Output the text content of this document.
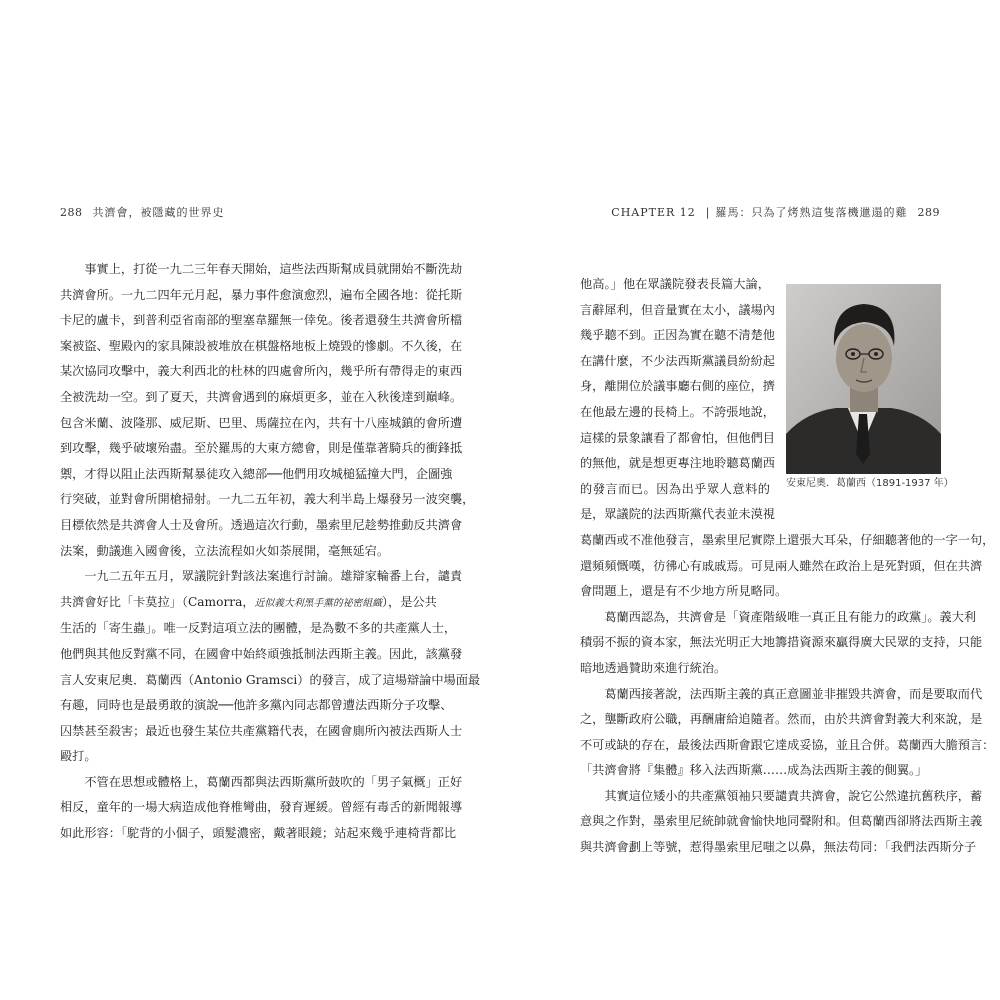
288 共濟會，被隱藏的世界史
　　事實上，打從一九二三年春天開始，這些法西斯幫成員就開始不斷洗劫
共濟會所。一九二四年元月起，暴力事件愈演愈烈，遍布全國各地：從托斯
卡尼的盧卡，到普利亞省南部的聖塞韋羅無一倖免。後者還發生共濟會所檔
案被盜、聖殿內的家具陳設被堆放在棋盤格地板上燒毀的慘劇。不久後，在
某次協同攻擊中，義大利西北的杜林的四處會所內，幾乎所有帶得走的東西
全被洗劫一空。到了夏天，共濟會遇到的麻煩更多，並在入秋後達到巔峰。
包含米蘭、波隆那、威尼斯、巴里、馬薩拉在內，共有十八座城鎮的會所遭
到攻擊，幾乎破壞殆盡。至於羅馬的大東方總會，則是僅靠著騎兵的衝鋒抵
禦，才得以阻止法西斯幫暴徒攻入總部──他們用攻城槌猛撞大門，企圖強
行突破，並對會所開槍掃射。一九二五年初，義大利半島上爆發另一波突襲，
目標依然是共濟會人士及會所。透過這次行動，墨索里尼趁勢推動反共濟會
法案，動議進入國會後，立法流程如火如荼展開，毫無延宕。
　　一九二五年五月，眾議院針對該法案進行討論。雄辯家輪番上台，譴責
共濟會好比「卡莫拉」（Camorra，近似義大利黑手黨的祕密組織），是公共
生活的「寄生蟲」。唯一反對這項立法的團體，是為數不多的共產黨人士，
他們與其他反對黨不同，在國會中始終頑強抵制法西斯主義。因此，該黨發
言人安東尼奧．葛蘭西（Antonio Gramsci）的發言，成了這場辯論中場面最
有趣，同時也是最勇敢的演說──他許多黨內同志都曾遭法西斯分子攻擊、
囚禁甚至殺害；最近也發生某位共產黨籍代表，在國會廁所內被法西斯人士
毆打。
　　不管在思想或體格上，葛蘭西都與法西斯黨所鼓吹的「男子氣概」正好
相反，童年的一場大病造成他脊椎彎曲，發育遲緩。曾經有毒舌的新聞報導
如此形容：「駝背的小個子，頭髮濃密，戴著眼鏡；站起來幾乎連椅背都比
CHAPTER 12 | 羅馬：只為了烤熟這隻落機邋遢的雞 289
安東尼奧．葛蘭西（1891-1937 年）
他高。」他在眾議院發表長篇大論，
言辭犀利，但音量實在太小，議場內
幾乎聽不到。正因為實在聽不清楚他
在講什麼，不少法西斯黨議員紛紛起
身，離開位於議事廳右側的座位，擠
在他最左邊的長椅上。不誇張地說，
這樣的景象讓看了都會怕，但他們目
的無他，就是想更專注地聆聽葛蘭西
的發言而已。因為出乎眾人意料的
是，眾議院的法西斯黨代表並未漠視
葛蘭西或不准他發言，墨索里尼實際上還張大耳朵，仔細聽著他的一字一句，
還頻頻慨嘆，彷彿心有戚戚焉。可見兩人雖然在政治上是死對頭，但在共濟
會問題上，還是有不少地方所見略同。
　　葛蘭西認為，共濟會是「資產階級唯一真正且有能力的政黨」。義大利
積弱不振的資本家，無法光明正大地籌措資源來贏得廣大民眾的支持，只能
暗地透過贊助來進行統治。
　　葛蘭西接著說，法西斯主義的真正意圖並非摧毀共濟會，而是要取而代
之，壟斷政府公職，再酬庸給追隨者。然而，由於共濟會對義大利來說，是
不可或缺的存在，最後法西斯會跟它達成妥協，並且合併。葛蘭西大膽預言：
「共濟會將『集體』移入法西斯黨……成為法西斯主義的側翼。」
　　其實這位矮小的共產黨領袖只要譴責共濟會，說它公然違抗舊秩序，蓄
意與之作對，墨索里尼統帥就會愉快地同聲附和。但葛蘭西卻將法西斯主義
與共濟會劃上等號，惹得墨索里尼嗤之以鼻，無法苟同：「我們法西斯分子
